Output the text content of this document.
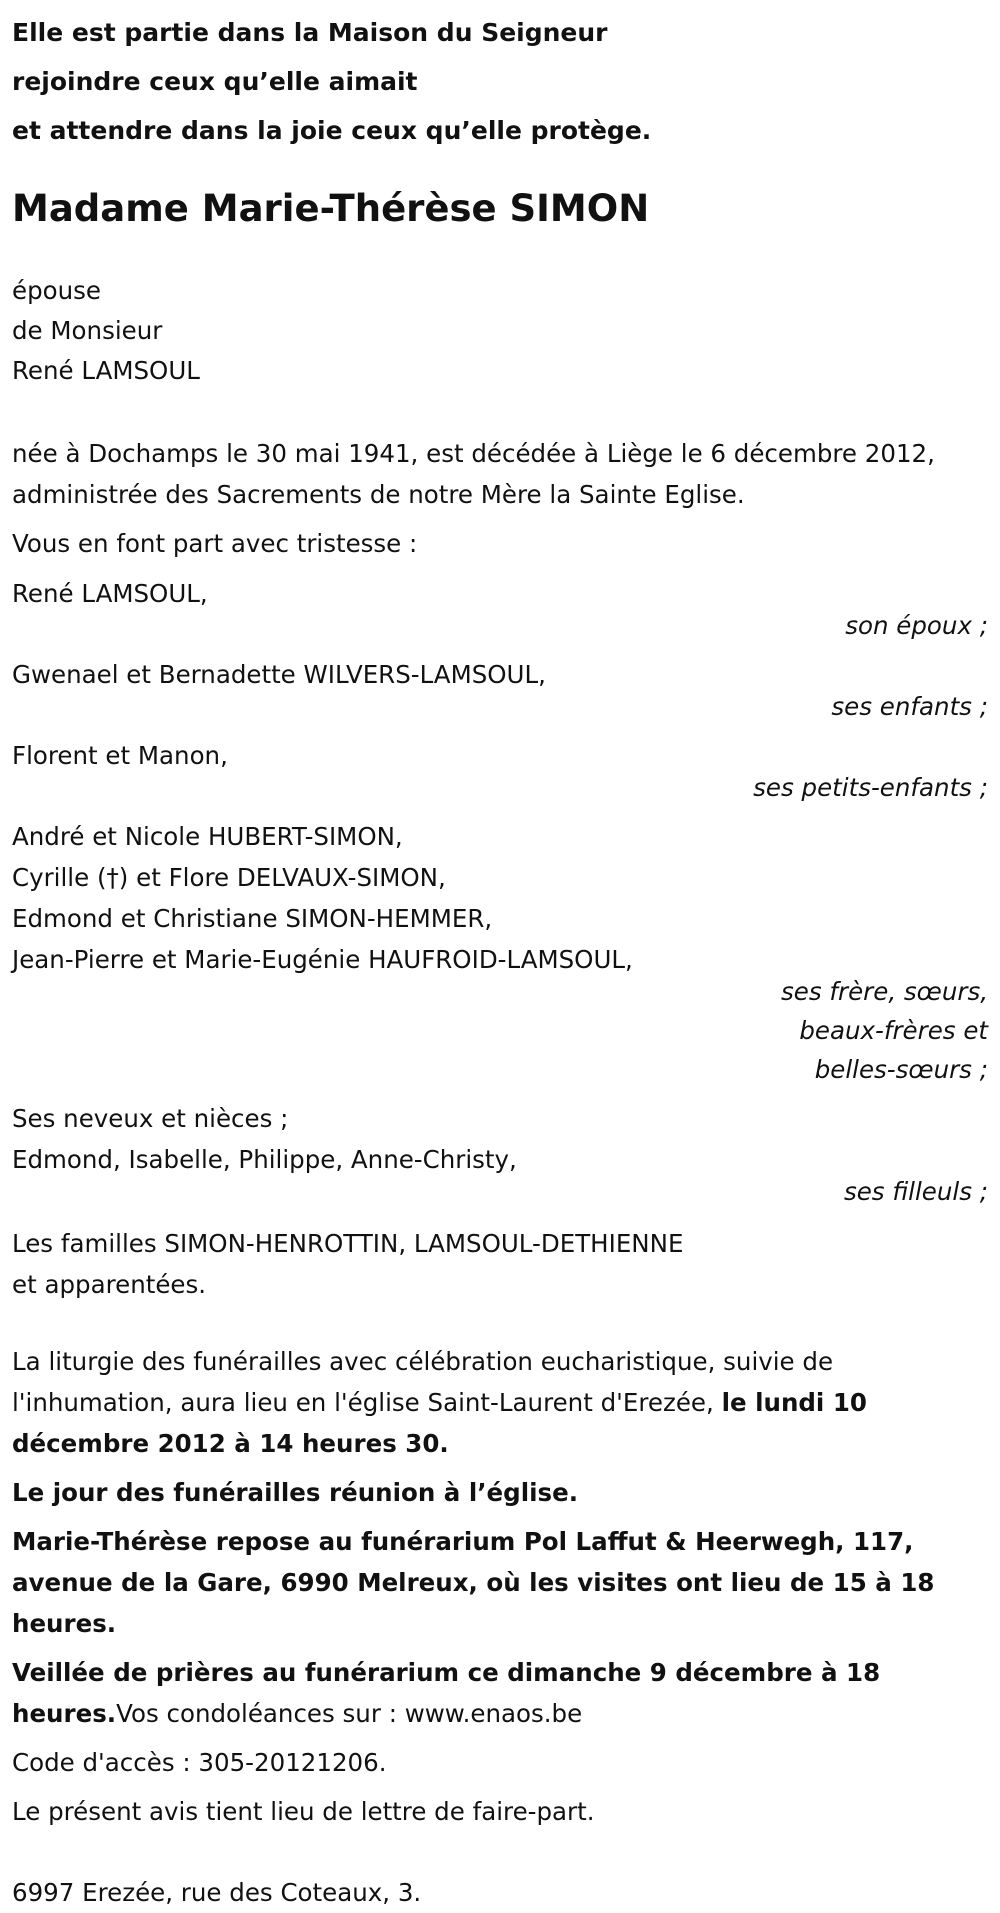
Elle est partie dans la Maison du Seigneur

rejoindre ceux qu’elle aimait

et attendre dans la joie ceux qu’elle protège.

Madame Marie-Thérèse SIMON
épouse
de Monsieur
René LAMSOUL
née à Dochamps le 30 mai 1941, est décédée à Liège le 6 décembre 2012,
administrée des Sacrements de notre Mère la Sainte Eglise.
Vous en font part avec tristesse :
René LAMSOUL,
son époux ;
Gwenael et Bernadette WILVERS-LAMSOUL,
ses enfants ;
Florent et Manon,
ses petits-enfants ;
André et Nicole HUBERT-SIMON,
Cyrille (†) et Flore DELVAUX-SIMON,
Edmond et Christiane SIMON-HEMMER,
Jean-Pierre et Marie-Eugénie HAUFROID-LAMSOUL,
ses frère, sœurs,
beaux-frères et
belles-sœurs ;
Ses neveux et nièces ;
Edmond, Isabelle, Philippe, Anne-Christy,
ses filleuls ;
Les familles SIMON-HENROTTIN, LAMSOUL-DETHIENNE
et apparentées.
La liturgie des funérailles avec célébration eucharistique, suivie de
l'inhumation, aura lieu en l'église Saint-Laurent d'Erezée, le lundi 10
décembre 2012 à 14 heures 30.
Le jour des funérailles réunion à l’église.
Marie-Thérèse repose au funérarium Pol Laffut & Heerwegh, 117,
avenue de la Gare, 6990 Melreux, où les visites ont lieu de 15 à 18
heures.
Veillée de prières au funérarium ce dimanche 9 décembre à 18
heures.Vos condoléances sur : www.enaos.be
Code d'accès : 305-20121206.
Le présent avis tient lieu de lettre de faire-part.
6997 Erezée, rue des Coteaux, 3.
